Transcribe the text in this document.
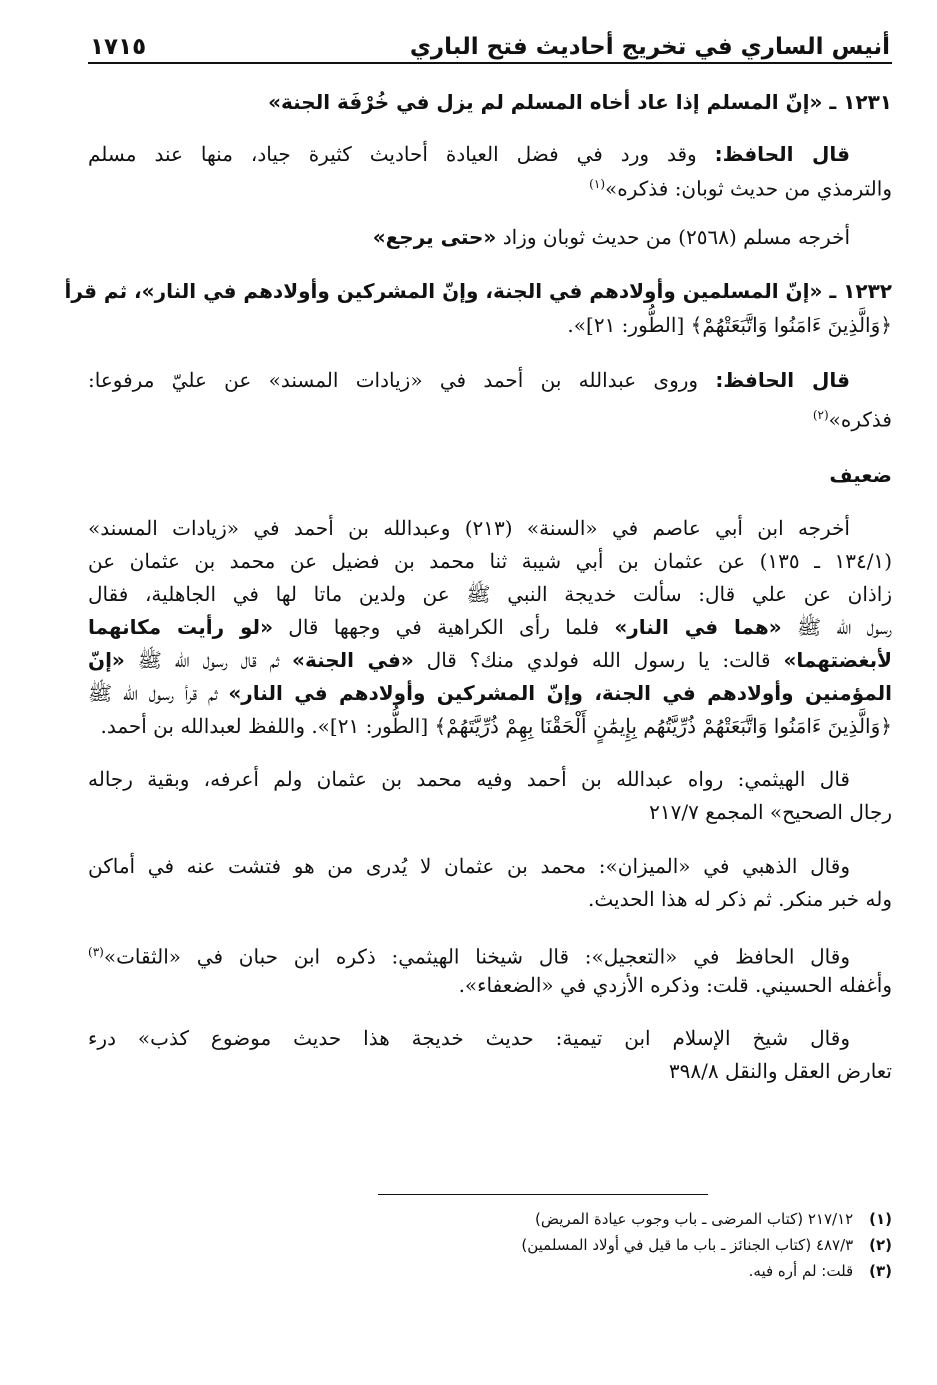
أنيس الساري في تخريج أحاديث فتح الباري
١٧١٥
١٢٣١ ـ «إنّ المسلم إذا عاد أخاه المسلم لم يزل في خُرْفَة الجنة»
قال الحافظ: وقد ورد في فضل العيادة أحاديث كثيرة جياد، منها عند مسلم
والترمذي من حديث ثوبان: فذكره»$^{(١)}$
أخرجه مسلم (٢٥٦٨) من حديث ثوبان وزاد «حتى يرجع»
١٢٣٢ ـ «إنّ المسلمين وأولادهم في الجنة، وإنّ المشركين وأولادهم في النار»، ثم قرأ
﴿وَالَّذِينَ ءَامَنُوا وَاتَّبَعَتْهُمْ﴾ [الطُّور: ٢١]».
قال الحافظ: وروى عبدالله بن أحمد في «زيادات المسند» عن عليّ مرفوعا:
فذكره»$^{(٢)}$
ضعيف
أخرجه ابن أبي عاصم في «السنة» (٢١٣) وعبدالله بن أحمد في «زيادات المسند»
(١٣٤/١ ـ ١٣٥) عن عثمان بن أبي شيبة ثنا محمد بن فضيل عن محمد بن عثمان عن
زاذان عن علي قال: سألت خديجة النبي ﷺ عن ولدين ماتا لها في الجاهلية، فقال
رسول الله ﷺ «هما في النار» فلما رأى الكراهية في وجهها قال «لو رأيت مكانهما
لأبغضتهما» قالت: يا رسول الله فولدي منك؟ قال «في الجنة» ثم قال رسول الله ﷺ «إنّ
المؤمنين وأولادهم في الجنة، وإنّ المشركين وأولادهم في النار» ثم قرأ رسول الله ﷺ
﴿وَالَّذِينَ ءَامَنُوا وَاتَّبَعَتْهُمْ ذُرِّيَّتُهُم بِإِيمَٰنٍ أَلْحَقْنَا بِهِمْ ذُرِّيَّتَهُمْ﴾ [الطُّور: ٢١]». واللفظ لعبدالله بن أحمد.
قال الهيثمي: رواه عبدالله بن أحمد وفيه محمد بن عثمان ولم أعرفه، وبقية رجاله
رجال الصحيح» المجمع ٢١٧/٧
وقال الذهبي في «الميزان»: محمد بن عثمان لا يُدرى من هو فتشت عنه في أماكن
وله خبر منكر. ثم ذكر له هذا الحديث.
وقال الحافظ في «التعجيل»: قال شيخنا الهيثمي: ذكره ابن حبان في «الثقات»$^{(٣)}$
وأغفله الحسيني. قلت: وذكره الأزدي في «الضعفاء».
وقال شيخ الإسلام ابن تيمية: حديث خديجة هذا حديث موضوع كذب» درء
تعارض العقل والنقل ٣٩٨/٨
(١) ٢١٧/١٢ (كتاب المرضى ـ باب وجوب عيادة المريض)
(٢) ٤٨٧/٣ (كتاب الجنائز ـ باب ما قيل في أولاد المسلمين)
(٣) قلت: لم أره فيه.
